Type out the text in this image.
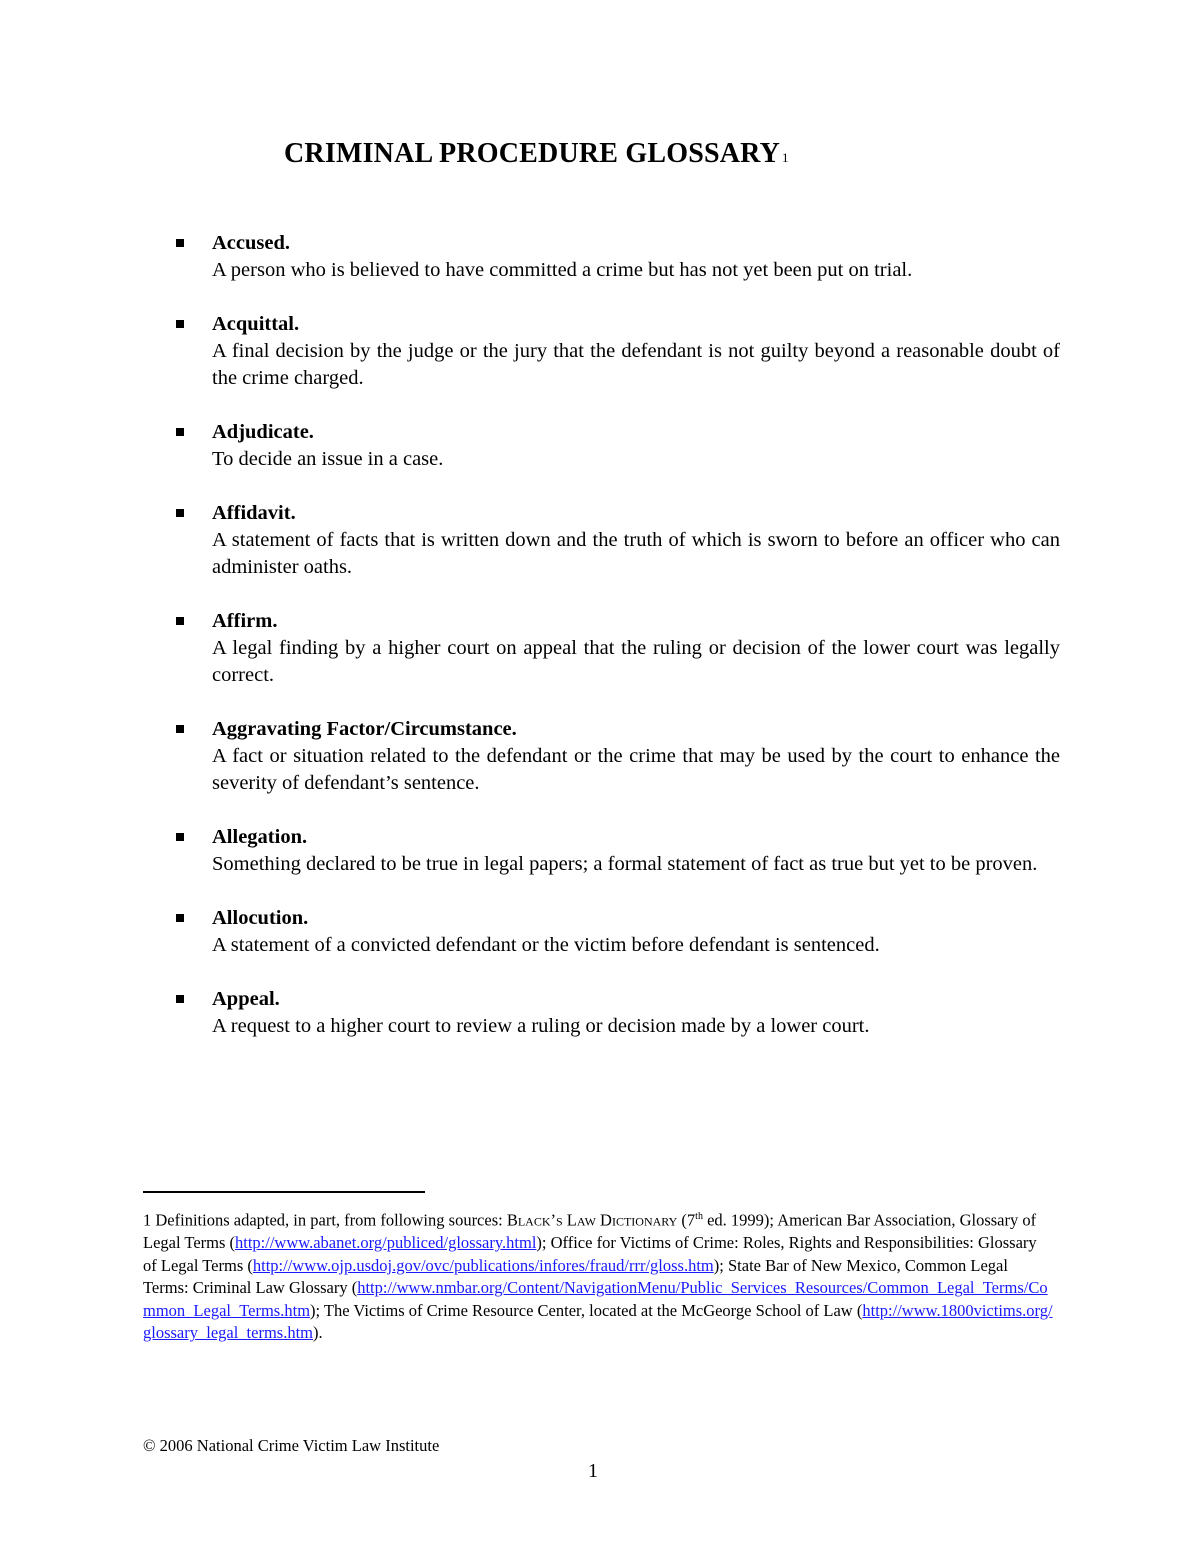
CRIMINAL PROCEDURE GLOSSARY 1
Accused.
A person who is believed to have committed a crime but has not yet been put on trial.
Acquittal.
A final decision by the judge or the jury that the defendant is not guilty beyond a reasonable doubt of the crime charged.
Adjudicate.
To decide an issue in a case.
Affidavit.
A statement of facts that is written down and the truth of which is sworn to before an officer who can administer oaths.
Affirm.
A legal finding by a higher court on appeal that the ruling or decision of the lower court was legally correct.
Aggravating Factor/Circumstance.
A fact or situation related to the defendant or the crime that may be used by the court to enhance the severity of defendant’s sentence.
Allegation.
Something declared to be true in legal papers; a formal statement of fact as true but yet to be proven.
Allocution.
A statement of a convicted defendant or the victim before defendant is sentenced.
Appeal.
A request to a higher court to review a ruling or decision made by a lower court.
1 Definitions adapted, in part, from following sources: Black’s Law Dictionary (7th ed. 1999); American Bar Association, Glossary of Legal Terms (http://www.abanet.org/publiced/glossary.html); Office for Victims of Crime: Roles, Rights and Responsibilities: Glossary of Legal Terms (http://www.ojp.usdoj.gov/ovc/publications/infores/fraud/rrr/gloss.htm); State Bar of New Mexico, Common Legal Terms: Criminal Law Glossary (http://www.nmbar.org/Content/NavigationMenu/Public_Services_Resources/Common_Legal_Terms/Common_Legal_Terms.htm); The Victims of Crime Resource Center, located at the McGeorge School of Law (http://www.1800victims.org/glossary_legal_terms.htm).
© 2006 National Crime Victim Law Institute
1
